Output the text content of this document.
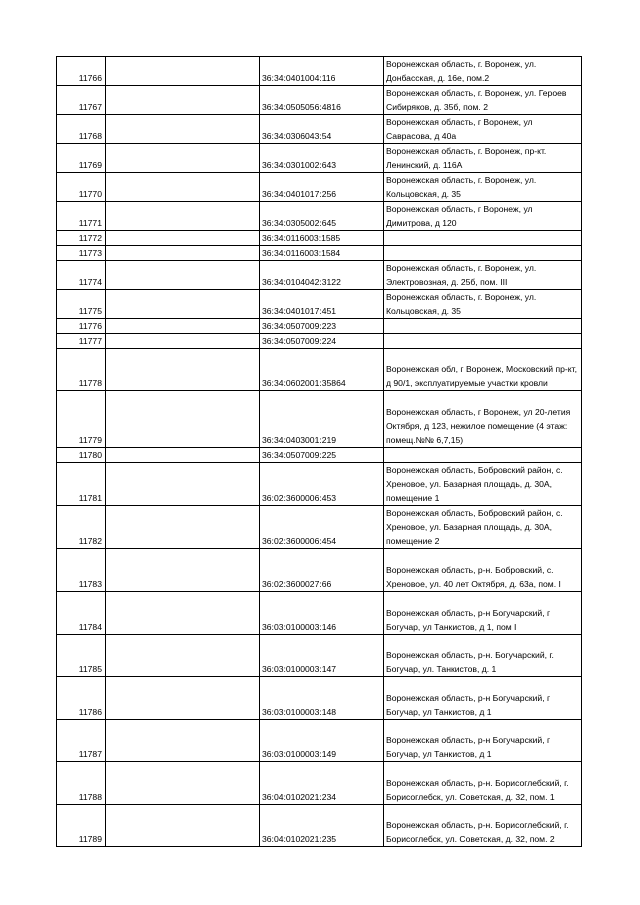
11766		36:34:0401004:116	Воронежская область, г. Воронеж, ул. Донбасская, д. 16е, пом.2
11767		36:34:0505056:4816	Воронежская область, г. Воронеж, ул. Героев Сибиряков, д. 35б, пом. 2
11768		36:34:0306043:54	Воронежская область, г Воронеж, ул Саврасова, д 40а
11769		36:34:0301002:643	Воронежская область, г. Воронеж, пр-кт. Ленинский, д. 116А
11770		36:34:0401017:256	Воронежская область, г. Воронеж, ул. Кольцовская, д. 35
11771		36:34:0305002:645	Воронежская область, г Воронеж, ул Димитрова, д 120
11772		36:34:0116003:1585	
11773		36:34:0116003:1584	
11774		36:34:0104042:3122	Воронежская область, г. Воронеж, ул. Электровозная, д. 25б, пом. III
11775		36:34:0401017:451	Воронежская область, г. Воронеж, ул. Кольцовская, д. 35
11776		36:34:0507009:223	
11777		36:34:0507009:224	
11778		36:34:0602001:35864	Воронежская обл, г Воронеж, Московский пр-кт, д 90/1, эксплуатируемые участки кровли
11779		36:34:0403001:219	Воронежская область, г Воронеж, ул 20-летия Октября, д 123, нежилое помещение (4 этаж: помещ.№№ 6,7,15)
11780		36:34:0507009:225	
11781		36:02:3600006:453	Воронежская область, Бобровский район, с. Хреновое, ул. Базарная площадь, д. 30А, помещение 1
11782		36:02:3600006:454	Воронежская область, Бобровский район, с. Хреновое, ул. Базарная площадь, д. 30А, помещение 2
11783		36:02:3600027:66	Воронежская область, р-н. Бобровский, с. Хреновое, ул. 40 лет Октября, д. 63а, пом. I
11784		36:03:0100003:146	Воронежская область, р-н Богучарский, г Богучар, ул Танкистов, д 1, пом I
11785		36:03:0100003:147	Воронежская область, р-н. Богучарский, г. Богучар, ул. Танкистов, д. 1
11786		36:03:0100003:148	Воронежская область, р-н Богучарский, г Богучар, ул Танкистов, д 1
11787		36:03:0100003:149	Воронежская область, р-н Богучарский, г Богучар, ул Танкистов, д 1
11788		36:04:0102021:234	Воронежская область, р-н. Борисоглебский, г. Борисоглебск, ул. Советская, д. 32, пом. 1
11789		36:04:0102021:235	Воронежская область, р-н. Борисоглебский, г. Борисоглебск, ул. Советская, д. 32, пом. 2
